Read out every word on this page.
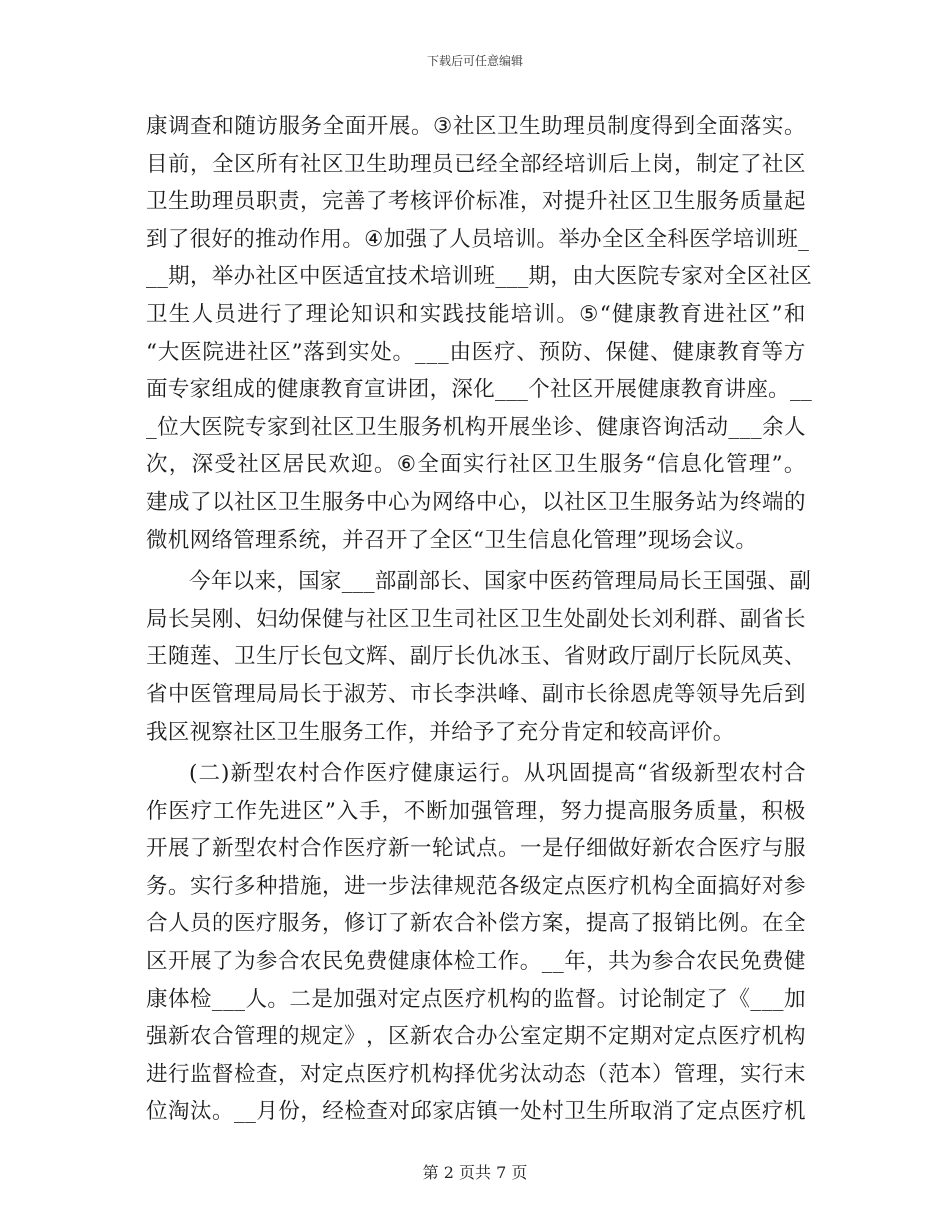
下载后可任意编辑
康 调 查 和 随 访 服 务 全 面 开 展 。 ③ 社 区 卫 生 助 理 员 制 度 得 到 全 面 落 实 。
目 前 ， 全 区 所 有 社 区 卫 生 助 理 员 已 经 全 部 经 培 训 后 上 岗 ， 制 定 了 社 区
卫 生 助 理 员 职 责 ， 完 善 了 考 核 评 价 标 准 ， 对 提 升 社 区 卫 生 服 务 质 量 起
到 了 很 好 的 推 动 作 用 。 ④ 加 强 了 人 员 培 训 。 举 办 全 区 全 科 医 学 培 训 班 _
_ _ 期 ， 举 办 社 区 中 医 适 宜 技 术 培 训 班 _ _ _ 期 ， 由 大 医 院 专 家 对 全 区 社 区
卫 生 人 员 进 行 了 理 论 知 识 和 实 践 技 能 培 训 。 ⑤ “ 健 康 教 育 进 社 区 ” 和
“ 大 医 院 进 社 区 ” 落 到 实 处 。 _ _ _ 由 医 疗 、 预 防 、 保 健 、 健 康 教 育 等 方
面 专 家 组 成 的 健 康 教 育 宣 讲 团 ， 深 化 _ _ _ 个 社 区 开 展 健 康 教 育 讲 座 。 _ _
_ 位 大 医 院 专 家 到 社 区 卫 生 服 务 机 构 开 展 坐 诊 、 健 康 咨 询 活 动 _ _ _ 余 人
次 ， 深 受 社 区 居 民 欢 迎 。 ⑥ 全 面 实 行 社 区 卫 生 服 务 “ 信 息 化 管 理 ” 。
建 成 了 以 社 区 卫 生 服 务 中 心 为 网 络 中 心 ， 以 社 区 卫 生 服 务 站 为 终 端 的
微机网络管理系统，并召开了全区“卫生信息化管理”现场会议。
今 年 以 来 ， 国 家 _ _ _ 部 副 部 长 、 国 家 中 医 药 管 理 局 局 长 王 国 强 、 副
局 长 吴 刚 、 妇 幼 保 健 与 社 区 卫 生 司 社 区 卫 生 处 副 处 长 刘 利 群 、 副 省 长
王 随 莲 、 卫 生 厅 长 包 文 辉 、 副 厅 长 仇 冰 玉 、 省 财 政 厅 副 厅 长 阮 凤 英 、
省 中 医 管 理 局 局 长 于 淑 芳 、 市 长 李 洪 峰 、 副 市 长 徐 恩 虎 等 领 导 先 后 到
我区视察社区卫生服务工作，并给予了充分肯定和较高评价。
( 二 ) 新 型 农 村 合 作 医 疗 健 康 运 行 。 从 巩 固 提 高 “ 省 级 新 型 农 村 合
作 医 疗 工 作 先 进 区 ” 入 手 ， 不 断 加 强 管 理 ， 努 力 提 高 服 务 质 量 ， 积 极
开 展 了 新 型 农 村 合 作 医 疗 新 一 轮 试 点 。 一 是 仔 细 做 好 新 农 合 医 疗 与 服
务 。 实 行 多 种 措 施 ， 进 一 步 法 律 规 范 各 级 定 点 医 疗 机 构 全 面 搞 好 对 参
合 人 员 的 医 疗 服 务 ， 修 订 了 新 农 合 补 偿 方 案 ， 提 高 了 报 销 比 例 。 在 全
区 开 展 了 为 参 合 农 民 免 费 健 康 体 检 工 作 。 _ _ 年 ， 共 为 参 合 农 民 免 费 健
康 体 检 _ _ _ 人 。 二 是 加 强 对 定 点 医 疗 机 构 的 监 督 。 讨 论 制 定 了 《 _ _ _ 加
强 新 农 合 管 理 的 规 定 》 ， 区 新 农 合 办 公 室 定 期 不 定 期 对 定 点 医 疗 机 构
进 行 监 督 检 查 ， 对 定 点 医 疗 机 构 择 优 劣 汰 动 态 （ 范 本 ） 管 理 ， 实 行 末
位 淘 汰 。 _ _ 月 份 ， 经 检 查 对 邱 家 店 镇 一 处 村 卫 生 所 取 消 了 定 点 医 疗 机
第 2 页共 7 页
